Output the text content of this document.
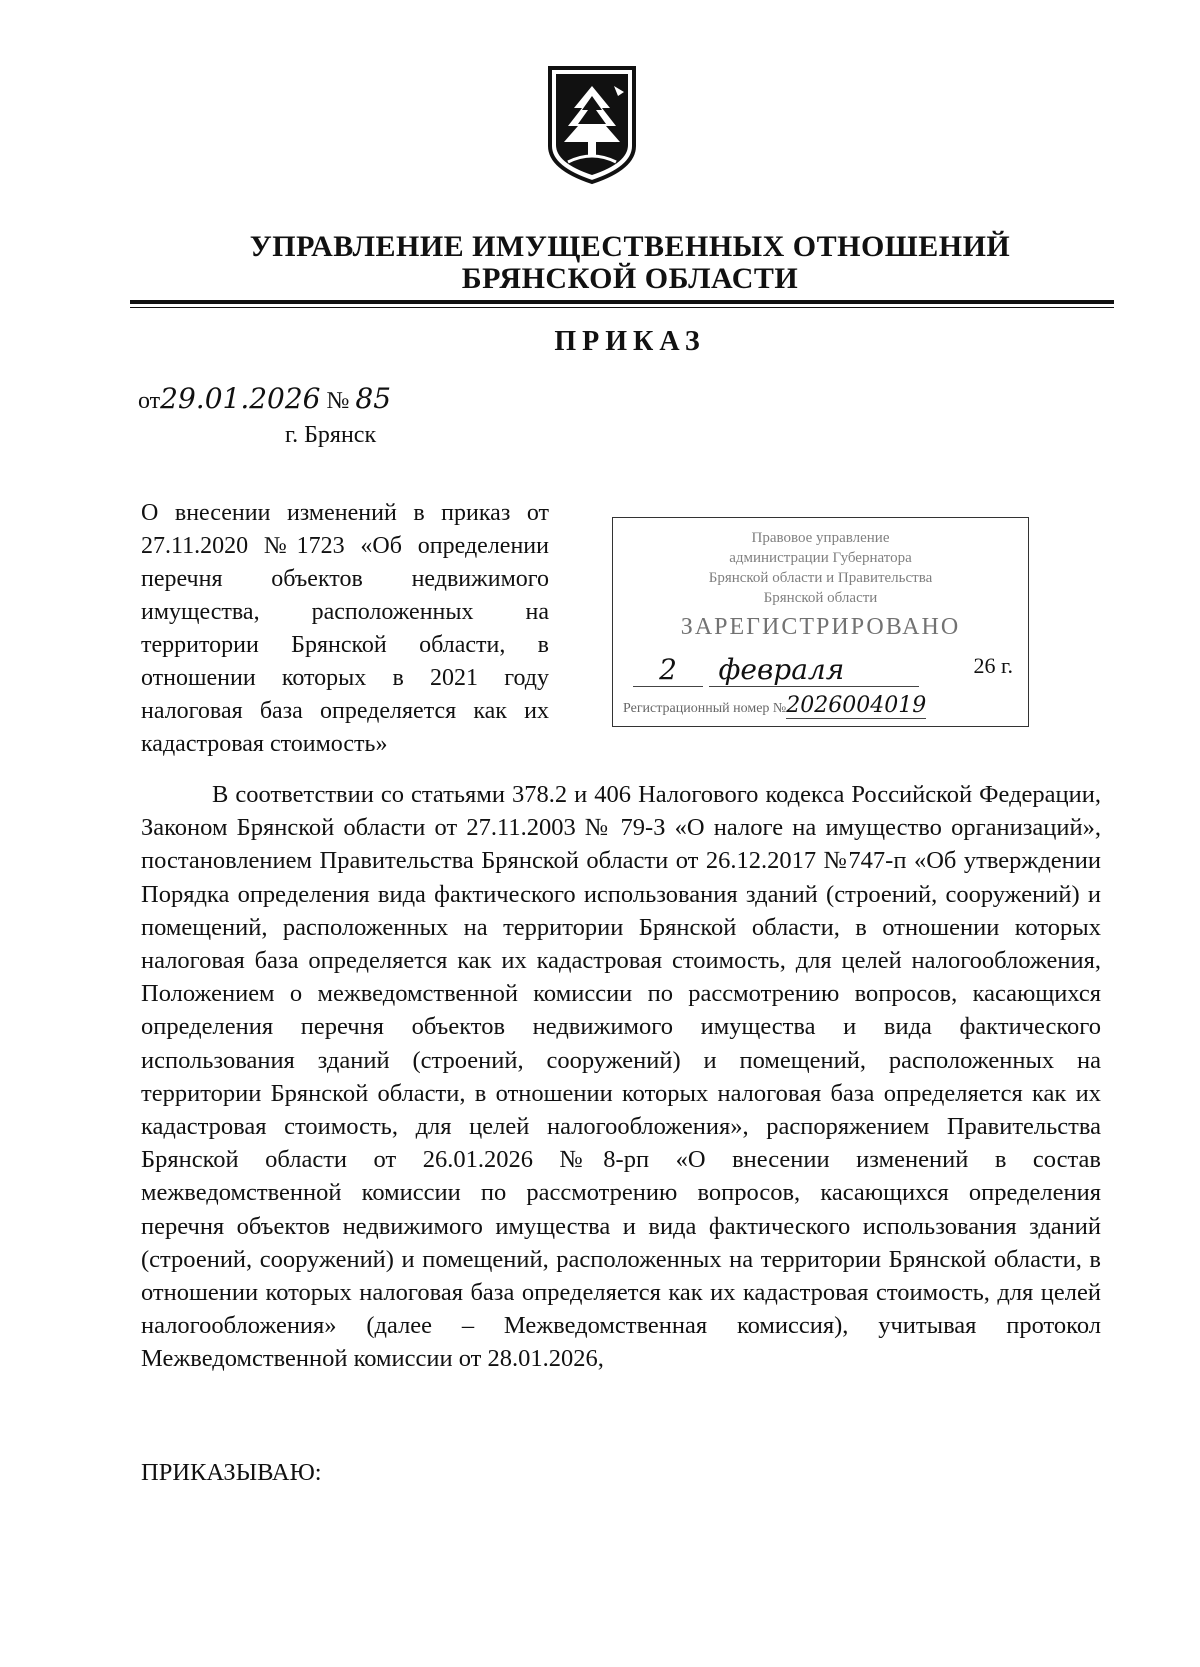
УПРАВЛЕНИЕ ИМУЩЕСТВЕННЫХ ОТНОШЕНИЙ
БРЯНСКОЙ ОБЛАСТИ
ПРИКАЗ
от29.01.2026 № 85
г. Брянск
О внесении изменений в приказ от 27.11.2020 №1723 «Об определении перечня объектов недвижимого имущества, расположенных на территории Брянской области, в отношении которых в 2021 году налоговая база определяется как их кадастровая стоимость»
Правовое управление
администрации Губернатора
Брянской области и Правительства
Брянской области
ЗАРЕГИСТРИРОВАНО
2 февраля	26 г.
Регистрационный номер №2026004019

В соответствии со статьями 378.2 и 406 Налогового кодекса Российской Федерации, Законом Брянской области от 27.11.2003 № 79-З «О налоге на имущество организаций», постановлением Правительства Брянской области от 26.12.2017 №747-п «Об утверждении Порядка определения вида фактического использования зданий (строений, сооружений) и помещений, расположенных на территории Брянской области, в отношении которых налоговая база определяется как их кадастровая стоимость, для целей налогообложения, Положением о межведомственной комиссии по рассмотрению вопросов, касающихся определения перечня объектов недвижимого имущества и вида фактического использования зданий (строений, сооружений) и помещений, расположенных на территории Брянской области, в отношении которых налоговая база определяется как их кадастровая стоимость, для целей налогообложения», распоряжением Правительства Брянской области от 26.01.2026 №8-рп «О внесении изменений в состав межведомственной комиссии по рассмотрению вопросов, касающихся определения перечня объектов недвижимого имущества и вида фактического использования зданий (строений, сооружений) и помещений, расположенных на территории Брянской области, в отношении которых налоговая база определяется как их кадастровая стоимость, для целей налогообложения» (далее – Межведомственная комиссия), учитывая протокол Межведомственной комиссии от 28.01.2026,

ПРИКАЗЫВАЮ:
